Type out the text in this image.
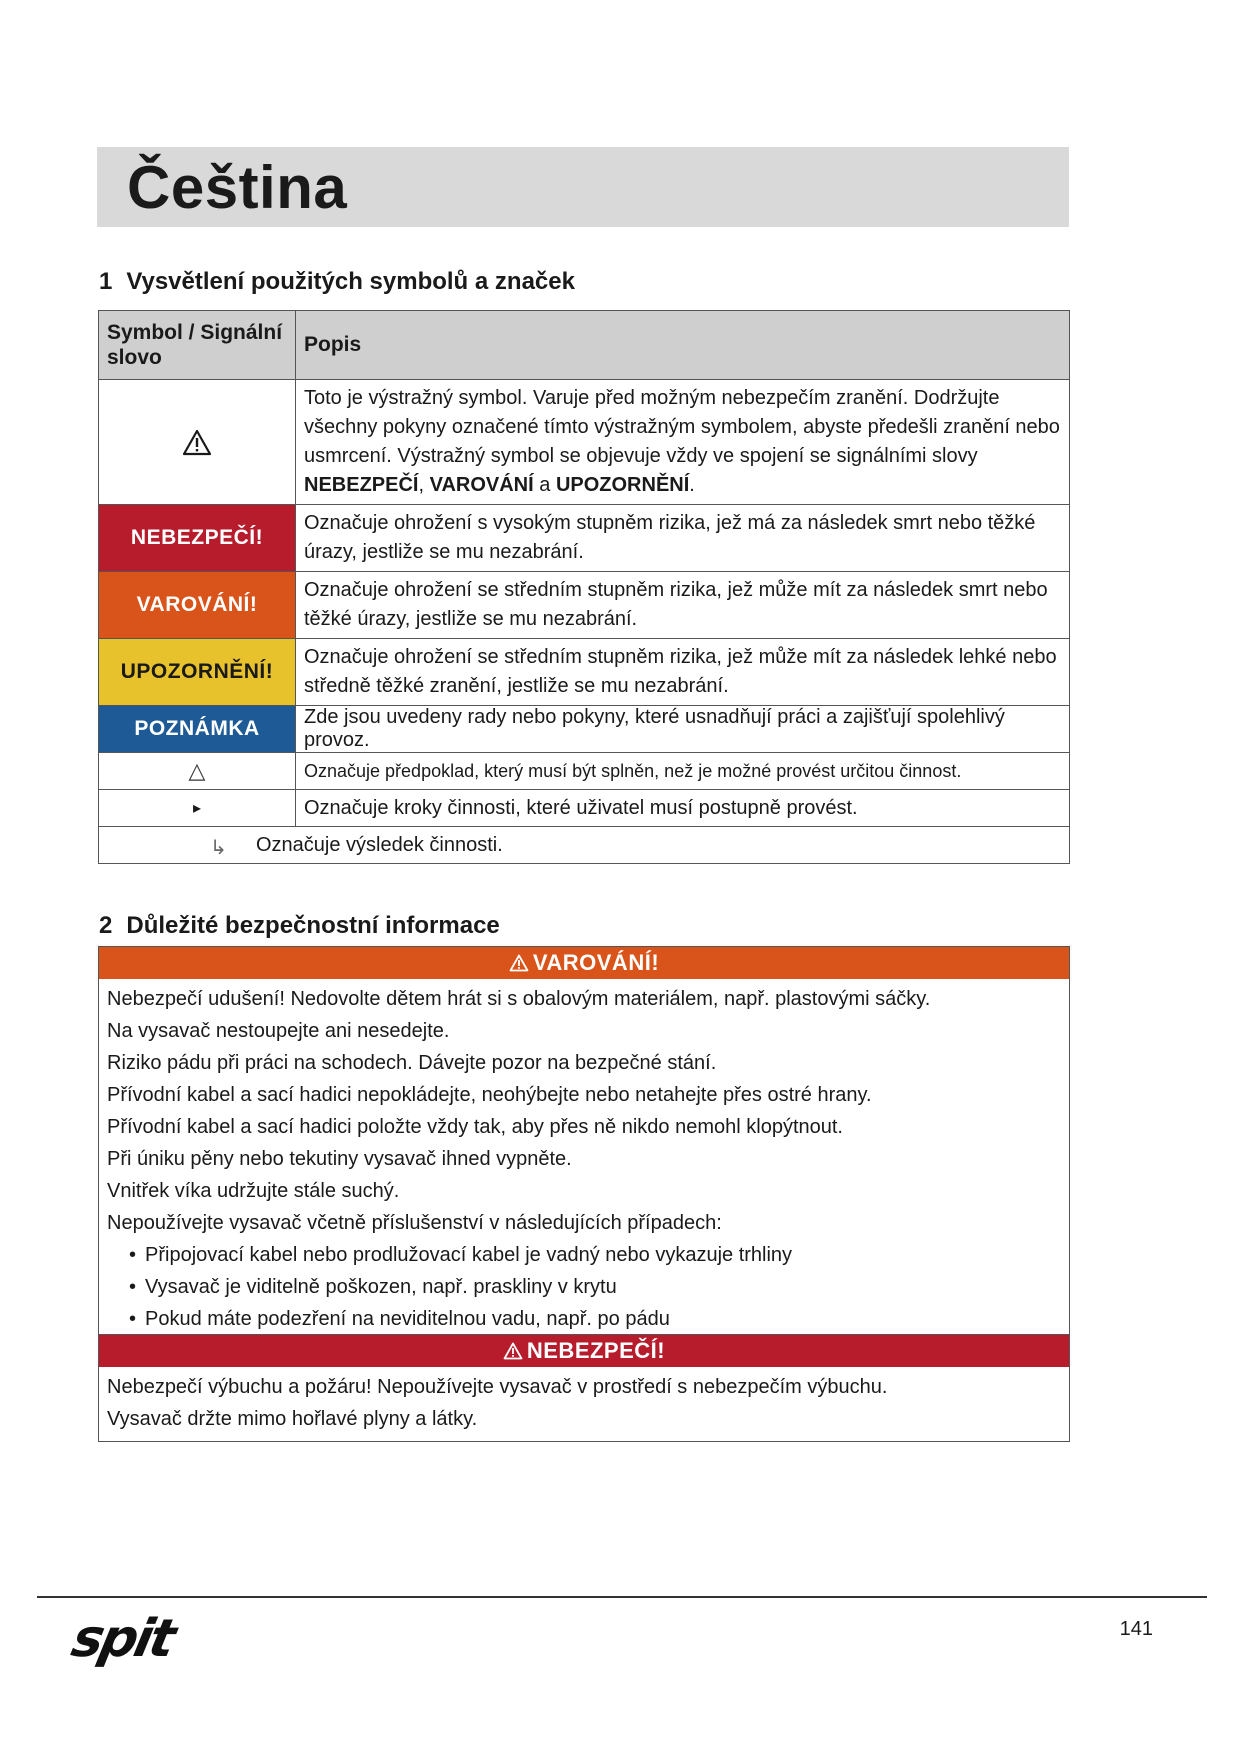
Čeština
1 Vysvětlení použitých symbolů a značek
Symbol / Signální slovo	Popis
	Toto je výstražný symbol. Varuje před možným nebezpečím zranění. Dodržujte všechny pokyny označené tímto výstražným symbolem, abyste předešli zranění nebo usmrcení. Výstražný symbol se objevuje vždy ve spojení se signálními slovy NEBEZPEČÍ, VAROVÁNÍ a UPOZORNĚNÍ.
NEBEZPEČÍ!	Označuje ohrožení s vysokým stupněm rizika, jež má za následek smrt nebo těžké úrazy, jestliže se mu nezabrání.
VAROVÁNÍ!	Označuje ohrožení se středním stupněm rizika, jež může mít za následek smrt nebo těžké úrazy, jestliže se mu nezabrání.
UPOZORNĚNÍ!	Označuje ohrožení se středním stupněm rizika, jež může mít za následek lehké nebo středně těžké zranění, jestliže se mu nezabrání.
POZNÁMKA	Zde jsou uvedeny rady nebo pokyny, které usnadňují práci a zajišťují spolehlivý provoz.
△	Označuje předpoklad, který musí být splněn, než je možné provést určitou činnost.
▸	Označuje kroky činnosti, které uživatel musí postupně provést.

↳ Označuje výsledek činnosti.	
2 Důležité bezpečnostní informace
VAROVÁNÍ!

Nebezpečí udušení! Nedovolte dětem hrát si s obalovým materiálem, např. plastovými sáčky.

Na vysavač nestoupejte ani nesedejte.

Riziko pádu při práci na schodech. Dávejte pozor na bezpečné stání.

Přívodní kabel a sací hadici nepokládejte, neohýbejte nebo netahejte přes ostré hrany.

Přívodní kabel a sací hadici položte vždy tak, aby přes ně nikdo nemohl klopýtnout.

Při úniku pěny nebo tekutiny vysavač ihned vypněte.

Vnitřek víka udržujte stále suchý.

Nepoužívejte vysavač včetně příslušenství v následujících případech:

• Připojovací kabel nebo prodlužovací kabel je vadný nebo vykazuje trhliny
• Vysavač je viditelně poškozen, např. praskliny v krytu
• Pokud máte podezření na neviditelnou vadu, např. po pádu
NEBEZPEČÍ!

Nebezpečí výbuchu a požáru! Nepoužívejte vysavač v prostředí s nebezpečím výbuchu.

Vysavač držte mimo hořlavé plyny a látky.

spit	141
